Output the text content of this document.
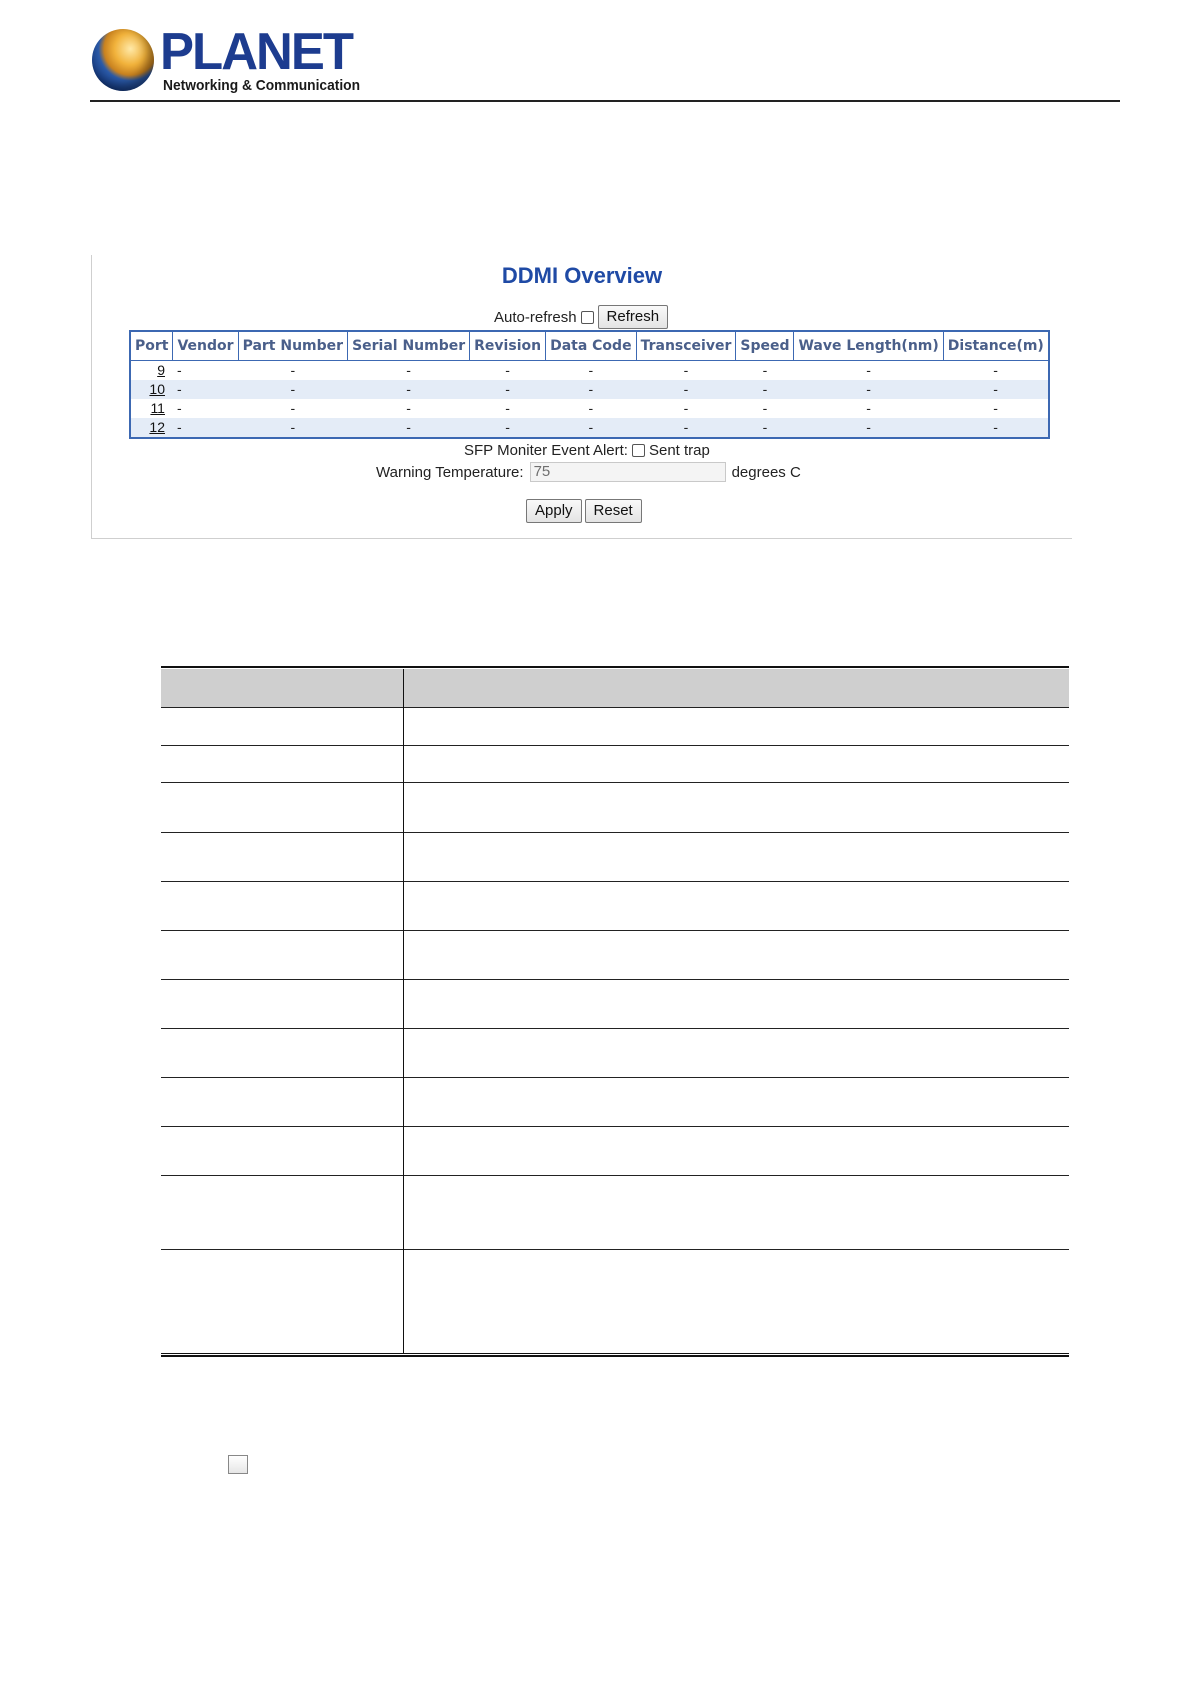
PLANET
Networking & Communication
DDMI Overview
Auto-refresh	Refresh
Port	Vendor	Part Number	Serial Number	Revision	Data Code	Transceiver	Speed	Wave Length(nm)	Distance(m)
9	-	-	-	-	-	-	-	-	-
10	-	-	-	-	-	-	-	-	-
11	-	-	-	-	-	-	-	-	-
12	-	-	-	-	-	-	-	-	-
SFP Moniter Event Alert: Sent trap
Warning Temperature: 75	degrees C
Apply	Reset
